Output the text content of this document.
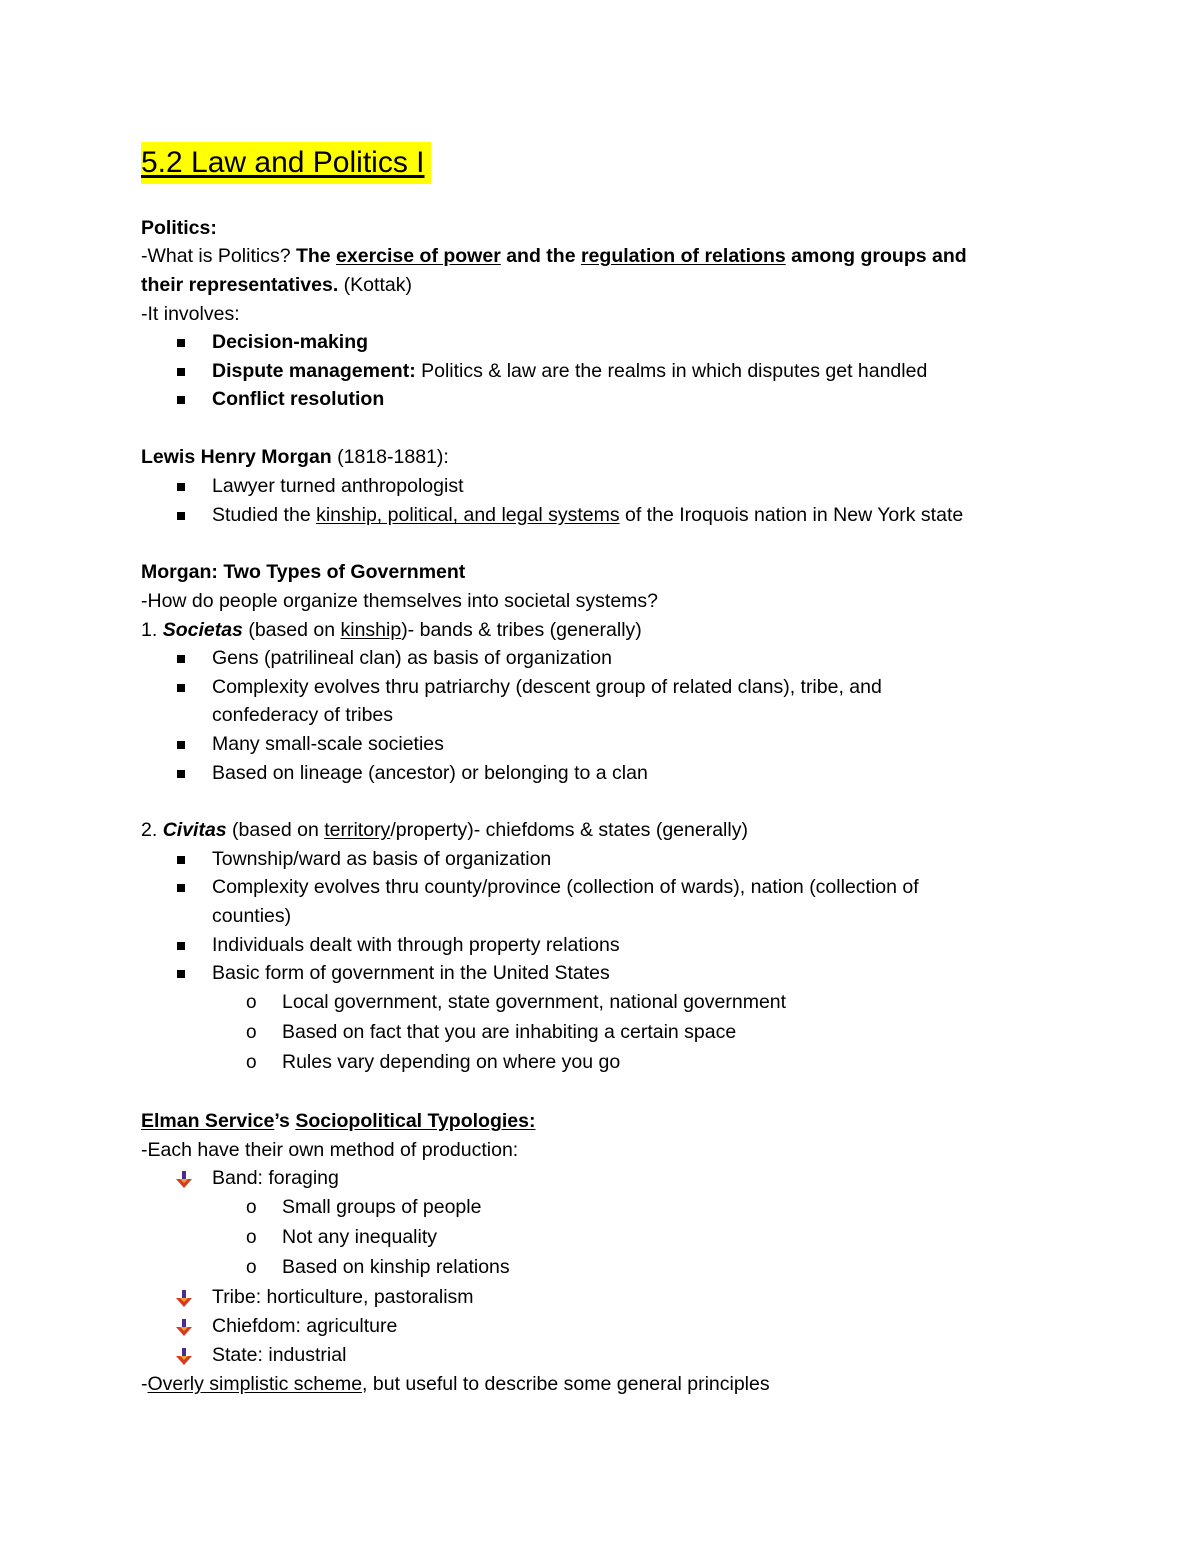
5.2 Law and Politics I
Politics:
-What is Politics? The exercise of power and the regulation of relations among groups and
their representatives. (Kottak)
-It involves:
Decision-making
Dispute management: Politics & law are the realms in which disputes get handled
Conflict resolution
Lewis Henry Morgan (1818-1881):
Lawyer turned anthropologist
Studied the kinship, political, and legal systems of the Iroquois nation in New York state
Morgan: Two Types of Government
-How do people organize themselves into societal systems?
1. Societas (based on kinship)- bands & tribes (generally)
Gens (patrilineal clan) as basis of organization
Complexity evolves thru patriarchy (descent group of related clans), tribe, and
confederacy of tribes
Many small-scale societies
Based on lineage (ancestor) or belonging to a clan
2. Civitas (based on territory/property)- chiefdoms & states (generally)
Township/ward as basis of organization
Complexity evolves thru county/province (collection of wards), nation (collection of
counties)
Individuals dealt with through property relations
Basic form of government in the United States
o Local government, state government, national government
o Based on fact that you are inhabiting a certain space
o Rules vary depending on where you go
Elman Service’s Sociopolitical Typologies:
-Each have their own method of production:
Band: foraging
o Small groups of people
o Not any inequality
o Based on kinship relations
Tribe: horticulture, pastoralism
Chiefdom: agriculture
State: industrial
-Overly simplistic scheme, but useful to describe some general principles
